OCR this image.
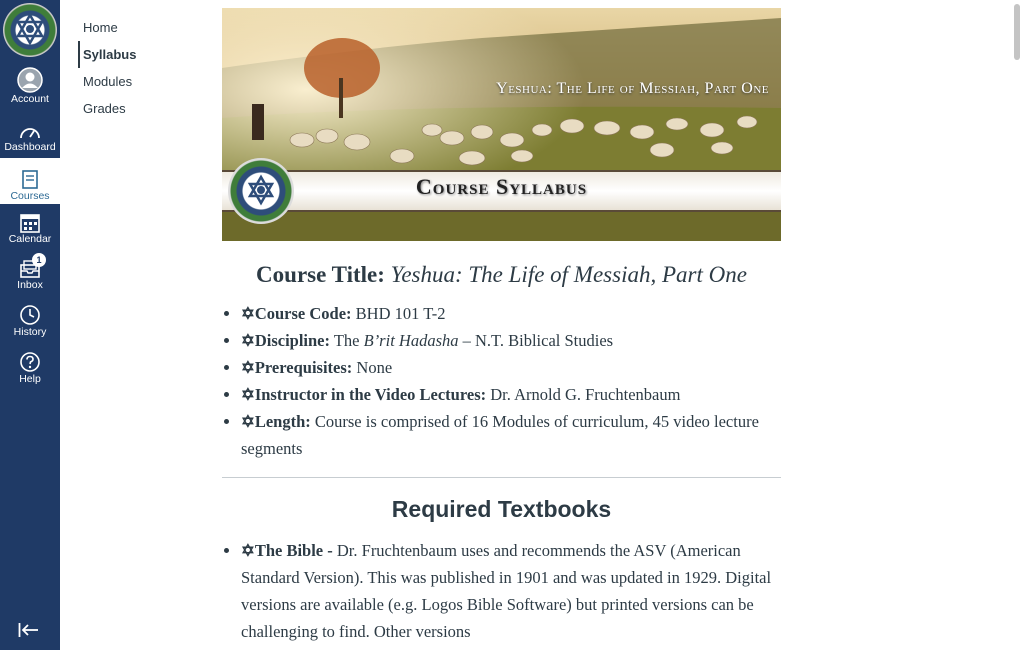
Account
Dashboard
Courses
Calendar
Inbox
1
History
Help
Home
Syllabus
Modules
Grades
Yeshua: The Life of Messiah, Part One
Course Syllabus
Course Title: Yeshua: The Life of Messiah, Part One
• ✡Course Code: BHD 101 T-2
• ✡Discipline: The B’rit Hadasha – N.T. Biblical Studies
• ✡Prerequisites: None
• ✡Instructor in the Video Lectures: Dr. Arnold G. Fruchtenbaum
• ✡Length: Course is comprised of 16 Modules of curriculum, 45 video lecture segments
Required Textbooks
• ✡The Bible - Dr. Fruchtenbaum uses and recommends the ASV (American Standard Version). This was published in 1901 and was updated in 1929. Digital versions are available (e.g. Logos Bible Software) but printed versions can be challenging to find. Other versions
